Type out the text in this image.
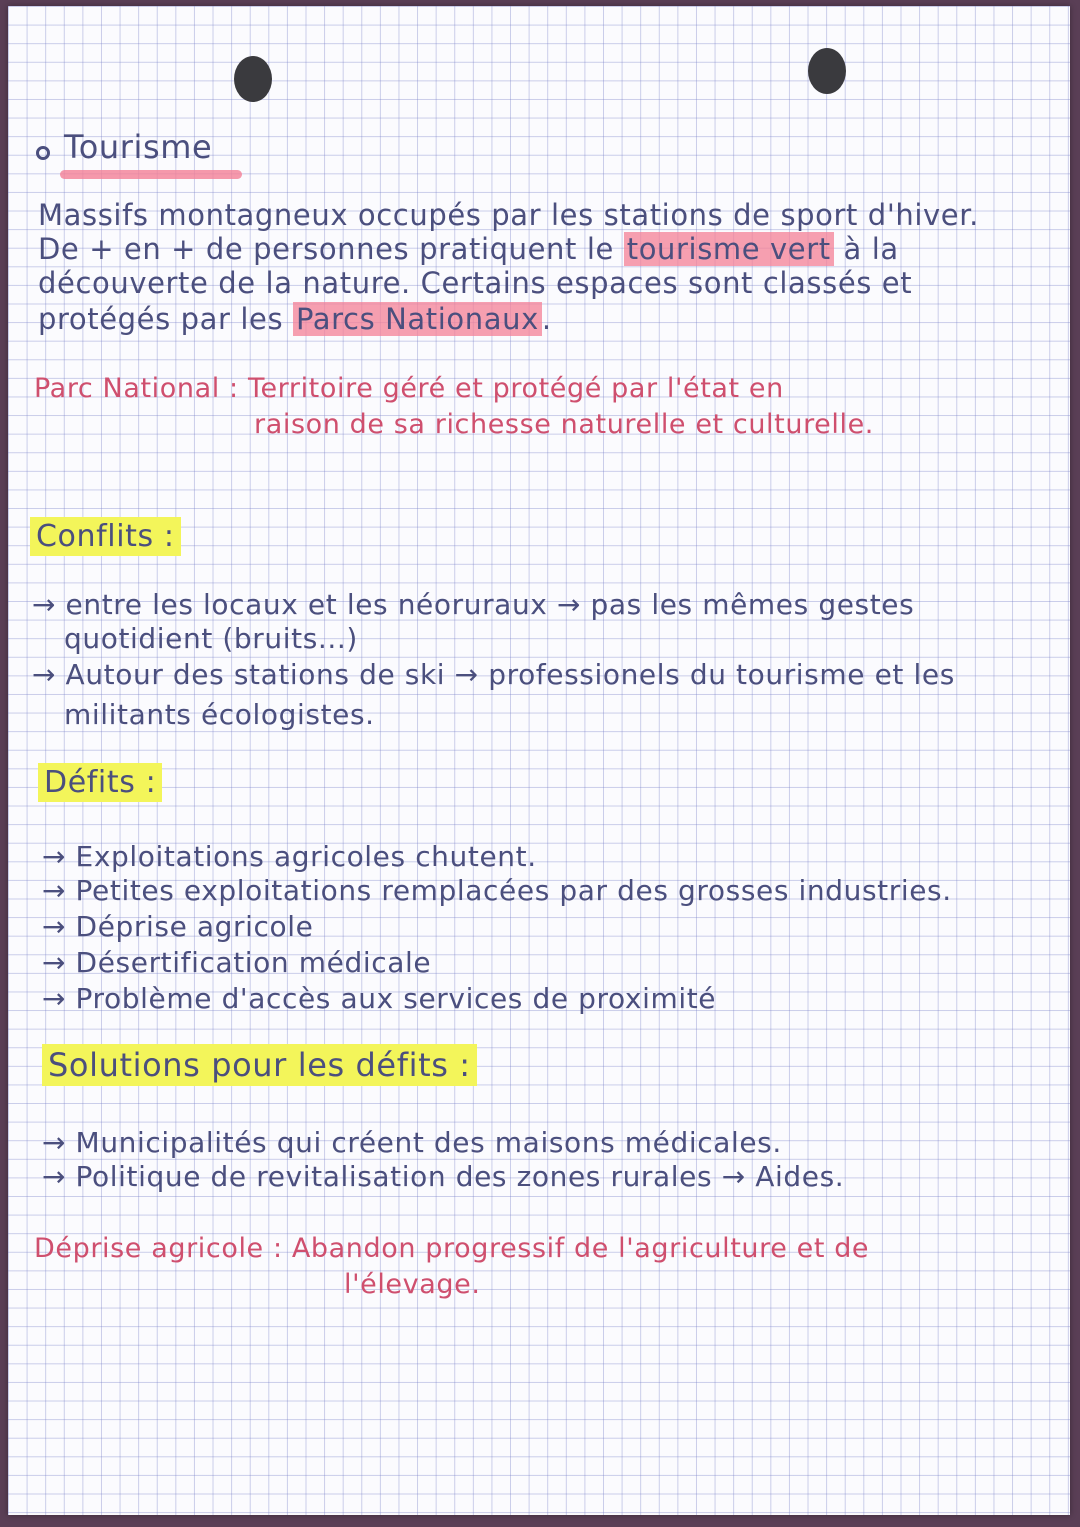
Tourisme
Massifs montagneux occupés par les stations de sport d'hiver.
De + en + de personnes pratiquent le tourisme vert à la
découverte de la nature. Certains espaces sont classés et
protégés par les Parcs Nationaux .
Parc National : Territoire géré et protégé par l'état en
raison de sa richesse naturelle et culturelle.
Conflits :
→ entre les locaux et les néoruraux → pas les mêmes gestes
quotidient (bruits...)
→ Autour des stations de ski → professionels du tourisme et les
militants écologistes.
Défits :
→ Exploitations agricoles chutent.
→ Petites exploitations remplacées par des grosses industries.
→ Déprise agricole
→ Désertification médicale
→ Problème d'accès aux services de proximité
Solutions pour les défits :
→ Municipalités qui créent des maisons médicales.
→ Politique de revitalisation des zones rurales → Aides.
Déprise agricole : Abandon progressif de l'agriculture et de
l'élevage.
